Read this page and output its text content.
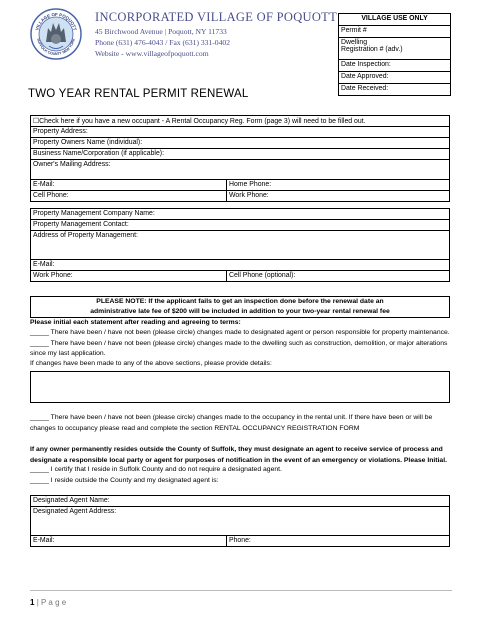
VILLAGE OF POQUOTT
SUFFOLK COUNTY NEW YORK
INCORPORATED VILLAGE OF POQUOTT
45 Birchwood Avenue | Poquott, NY 11733
Phone (631) 476-4043 / Fax (631) 331-0402
Website - www.villageofpoquott.com
VILLAGE USE ONLY
Permit #
Dwelling
Registration # (adv.)
Date Inspection:
Date Approved:
Date Received:
TWO YEAR RENTAL PERMIT RENEWAL
☐Check here if you have a new occupant - A Rental Occupancy Reg. Form (page 3) will need to be filled out.	
Property Address:	
Property Owners Name (individual):	
Business Name/Corporation (if applicable):	
Owner's Mailing Address:	
E-Mail:	Home Phone:
Cell Phone:	Work Phone:
Property Management Company Name:
Property Management Contact:
Address of Property Management:
E-Mail:
Work Phone:	Cell Phone (optional):
PLEASE NOTE: If the applicant fails to get an inspection done before the renewal date an
administrative late fee of $200 will be included in addition to your two-year rental renewal fee
Please initial each statement after reading and agreeing to terms:
_____ There have been / have not been (please circle) changes made to designated agent or person responsible for property maintenance.
_____ There have been / have not been (please circle) changes made to the dwelling such as construction, demolition, or major alterations
since my last application.
If changes have been made to any of the above sections, please provide details:
_____ There have been / have not been (please circle) changes made to the occupancy in the rental unit. If there have been or will be
changes to occupancy please read and complete the section RENTAL OCCUPANCY REGISTRATION FORM
If any owner permanently resides outside the County of Suffolk, they must designate an agent to receive service of process and
designate a responsible local party or agent for purposes of notification in the event of an emergency or violations. Please Initial.
_____ I certify that I reside in Suffolk County and do not require a designated agent.
_____ I reside outside the County and my designated agent is:
Designated Agent Name:
Designated Agent Address:
E-Mail:	Phone:
1 | P a g e
